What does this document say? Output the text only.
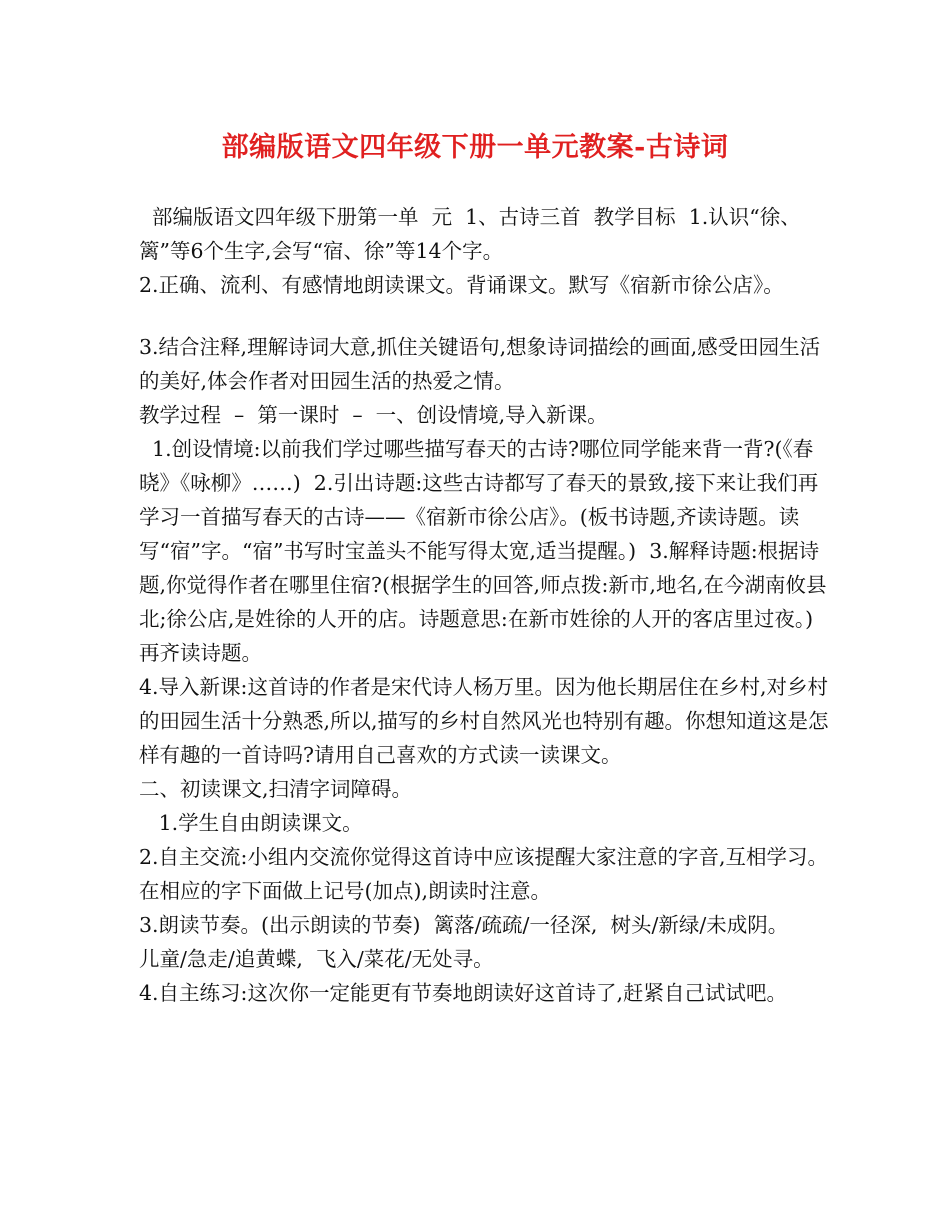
部编版语文四年级下册一单元教案-古诗词

部编版语文四年级下册第一单  元  1、古诗三首  教学目标  1.认识“徐、篱”等6个生字,会写“宿、徐”等14个字。

2.正确、流利、有感情地朗读课文。背诵课文。默写《宿新市徐公店》。

3.结合注释,理解诗词大意,抓住关键语句,想象诗词描绘的画面,感受田园生活的美好,体会作者对田园生活的热爱之情。

教学过程  –  第一课时  –  一、创设情境,导入新课。

1.创设情境:以前我们学过哪些描写春天的古诗?哪位同学能来背一背?(《春晓》《咏柳》……)  2.引出诗题:这些古诗都写了春天的景致,接下来让我们再学习一首描写春天的古诗——《宿新市徐公店》。(板书诗题,齐读诗题。读写“宿”字。“宿”书写时宝盖头不能写得太宽,适当提醒。)  3.解释诗题:根据诗题,你觉得作者在哪里住宿?(根据学生的回答,师点拨:新市,地名,在今湖南攸县北;徐公店,是姓徐的人开的店。诗题意思:在新市姓徐的人开的客店里过夜。)再齐读诗题。

4.导入新课:这首诗的作者是宋代诗人杨万里。因为他长期居住在乡村,对乡村的田园生活十分熟悉,所以,描写的乡村自然风光也特别有趣。你想知道这是怎样有趣的一首诗吗?请用自己喜欢的方式读一读课文。

二、初读课文,扫清字词障碍。

1.学生自由朗读课文。

2.自主交流:小组内交流你觉得这首诗中应该提醒大家注意的字音,互相学习。在相应的字下面做上记号(加点),朗读时注意。

3.朗读节奏。(出示朗读的节奏)  篱落/疏疏/一径深,  树头/新绿/未成阴。

儿童/急走/追黄蝶,  飞入/菜花/无处寻。

4.自主练习:这次你一定能更有节奏地朗读好这首诗了,赶紧自己试试吧。
